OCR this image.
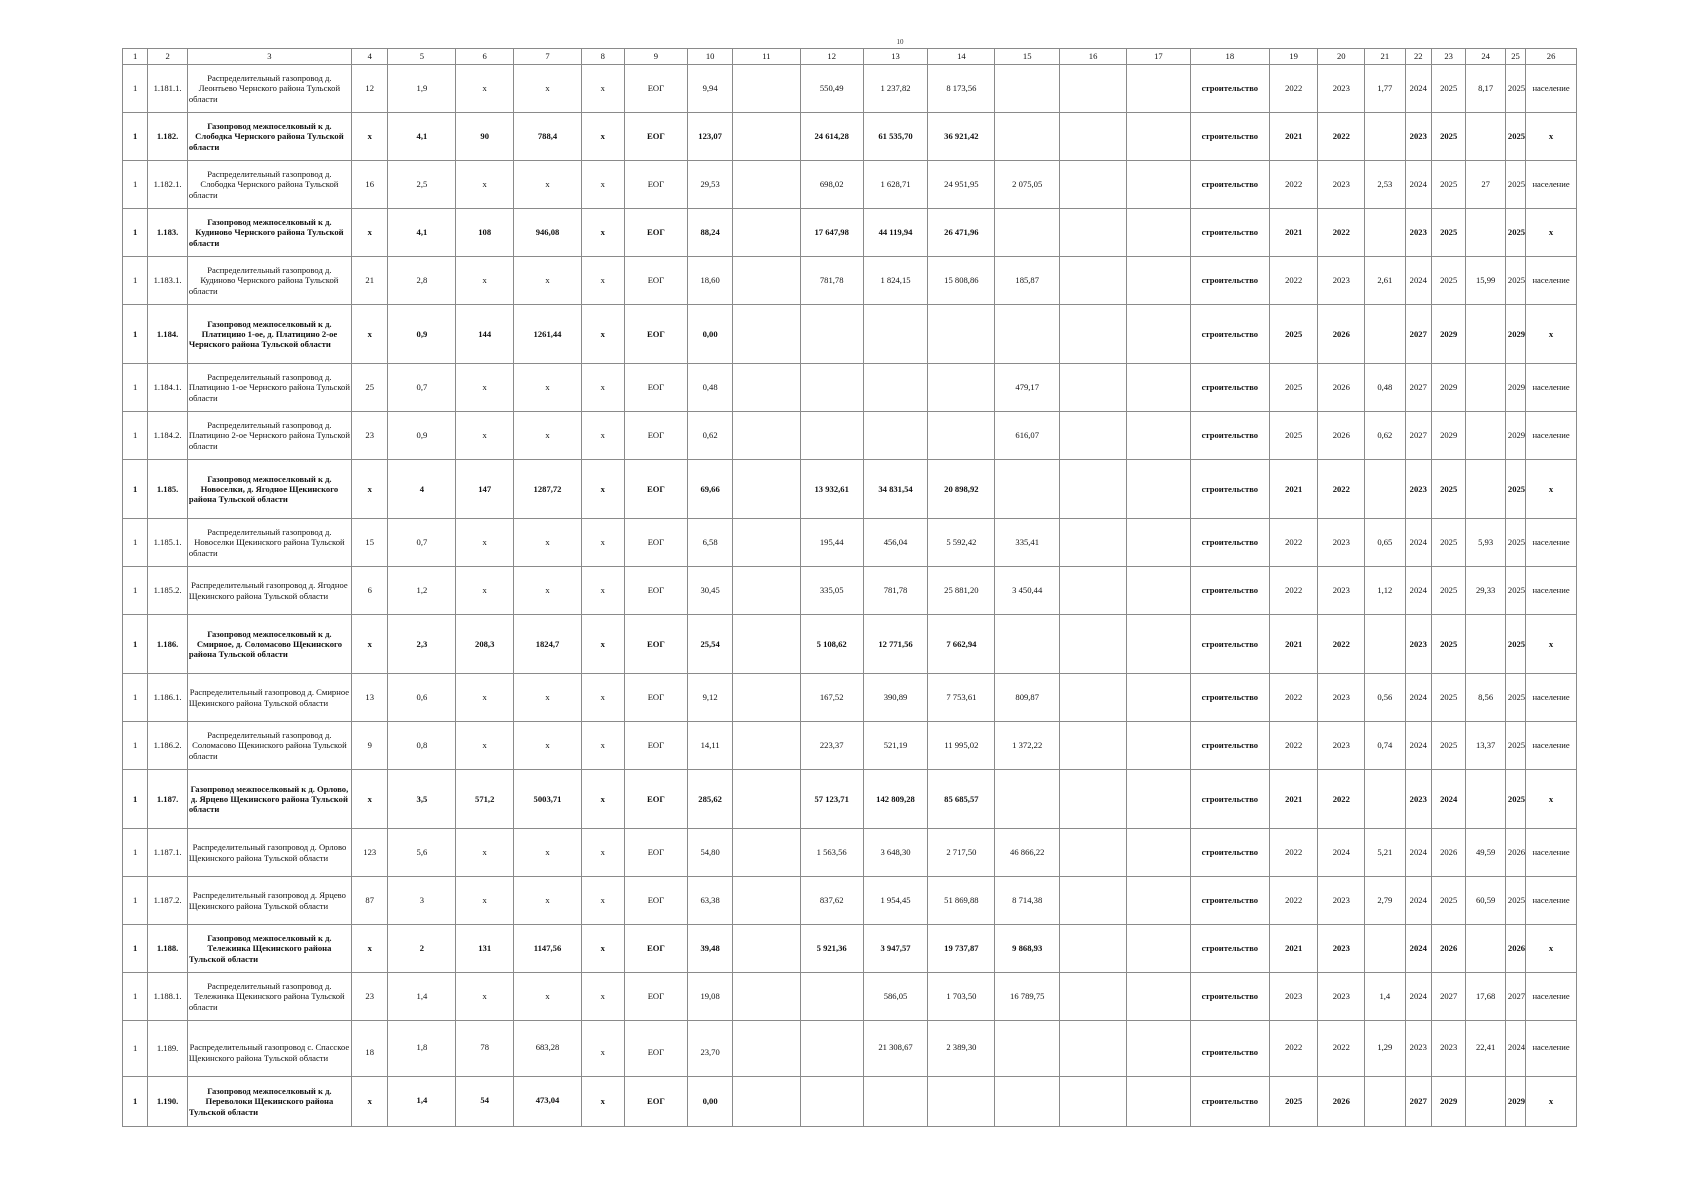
10
1	2	3	4	5	6	7	8	9	10	11	12	13	14	15	16	17	18	19	20	21	22	23	24	25	26
1	1.181.1.	Распределительный газопровод д. Леонтьево Чернского района Тульской области	12	1,9	х	х	х	ЕОГ	9,94		550,49	1 237,82	8 173,56				строительство	2022	2023	1,77	2024	2025	8,17	2025	население
1	1.182.	Газопровод межпоселковый к д. Слободка Чернского района Тульской области	х	4,1	90	788,4	х	ЕОГ	123,07		24 614,28	61 535,70	36 921,42				строительство	2021	2022		2023	2025		2025	х
1	1.182.1.	Распределительный газопровод д. Слободка Чернского района Тульской области	16	2,5	х	х	х	ЕОГ	29,53		698,02	1 628,71	24 951,95	2 075,05			строительство	2022	2023	2,53	2024	2025	27	2025	население
1	1.183.	Газопровод межпоселковый к д. Кудиново Чернского района Тульской области	х	4,1	108	946,08	х	ЕОГ	88,24		17 647,98	44 119,94	26 471,96				строительство	2021	2022		2023	2025		2025	х
1	1.183.1.	Распределительный газопровод д. Кудиново Чернского района Тульской области	21	2,8	х	х	х	ЕОГ	18,60		781,78	1 824,15	15 808,86	185,87			строительство	2022	2023	2,61	2024	2025	15,99	2025	население
1	1.184.	Газопровод межпоселковый к д. Платицино 1-ое, д. Платицино 2-ое Чернского района Тульской области	х	0,9	144	1261,44	х	ЕОГ	0,00								строительство	2025	2026		2027	2029		2029	х
1	1.184.1.	Распределительный газопровод д. Платицино 1-ое Чернского района Тульской области	25	0,7	х	х	х	ЕОГ	0,48					479,17			строительство	2025	2026	0,48	2027	2029		2029	население
1	1.184.2.	Распределительный газопровод д. Платицино 2-ое Чернского района Тульской области	23	0,9	х	х	х	ЕОГ	0,62					616,07			строительство	2025	2026	0,62	2027	2029		2029	население
1	1.185.	Газопровод межпоселковый к д. Новоселки, д. Ягодное Щекинского района Тульской области	х	4	147	1287,72	х	ЕОГ	69,66		13 932,61	34 831,54	20 898,92				строительство	2021	2022		2023	2025		2025	х
1	1.185.1.	Распределительный газопровод д. Новоселки Щекинского района Тульской области	15	0,7	х	х	х	ЕОГ	6,58		195,44	456,04	5 592,42	335,41			строительство	2022	2023	0,65	2024	2025	5,93	2025	население
1	1.185.2.	Распределительный газопровод д. Ягодное Щекинского района Тульской области	6	1,2	х	х	х	ЕОГ	30,45		335,05	781,78	25 881,20	3 450,44			строительство	2022	2023	1,12	2024	2025	29,33	2025	население
1	1.186.	Газопровод межпоселковый к д. Смирное, д. Соломасово Щекинского района Тульской области	х	2,3	208,3	1824,7	х	ЕОГ	25,54		5 108,62	12 771,56	7 662,94				строительство	2021	2022		2023	2025		2025	х
1	1.186.1.	Распределительный газопровод д. Смирное Щекинского района Тульской области	13	0,6	х	х	х	ЕОГ	9,12		167,52	390,89	7 753,61	809,87			строительство	2022	2023	0,56	2024	2025	8,56	2025	население
1	1.186.2.	Распределительный газопровод д. Соломасово Щекинского района Тульской области	9	0,8	х	х	х	ЕОГ	14,11		223,37	521,19	11 995,02	1 372,22			строительство	2022	2023	0,74	2024	2025	13,37	2025	население
1	1.187.	Газопровод межпоселковый к д. Орлово, д. Ярцево Щекинского района Тульской области	х	3,5	571,2	5003,71	х	ЕОГ	285,62		57 123,71	142 809,28	85 685,57				строительство	2021	2022		2023	2024		2025	х
1	1.187.1.	Распределительный газопровод д. Орлово Щекинского района Тульской области	123	5,6	х	х	х	ЕОГ	54,80		1 563,56	3 648,30	2 717,50	46 866,22			строительство	2022	2024	5,21	2024	2026	49,59	2026	население
1	1.187.2.	Распределительный газопровод д. Ярцево Щекинского района Тульской области	87	3	х	х	х	ЕОГ	63,38		837,62	1 954,45	51 869,88	8 714,38			строительство	2022	2023	2,79	2024	2025	60,59	2025	население
1	1.188.	Газопровод межпоселковый к д. Тележинка Щекинского района Тульской области	х	2	131	1147,56	х	ЕОГ	39,48		5 921,36	3 947,57	19 737,87	9 868,93			строительство	2021	2023		2024	2026		2026	х
1	1.188.1.	Распределительный газопровод д. Тележинка Щекинского района Тульской области	23	1,4	х	х	х	ЕОГ	19,08			586,05	1 703,50	16 789,75			строительство	2023	2023	1,4	2024	2027	17,68	2027	население
1	1.189.	Распределительный газопровод с. Спасское Щекинского района Тульской области	18	1,8	78	683,28	х	ЕОГ	23,70			21 308,67	2 389,30				строительство	2022	2022	1,29	2023	2023	22,41	2024	население
1	1.190.	Газопровод межпоселковый к д. Переволоки Щекинского района Тульской области	х	1,4	54	473,04	х	ЕОГ	0,00								строительство	2025	2026		2027	2029		2029	х
